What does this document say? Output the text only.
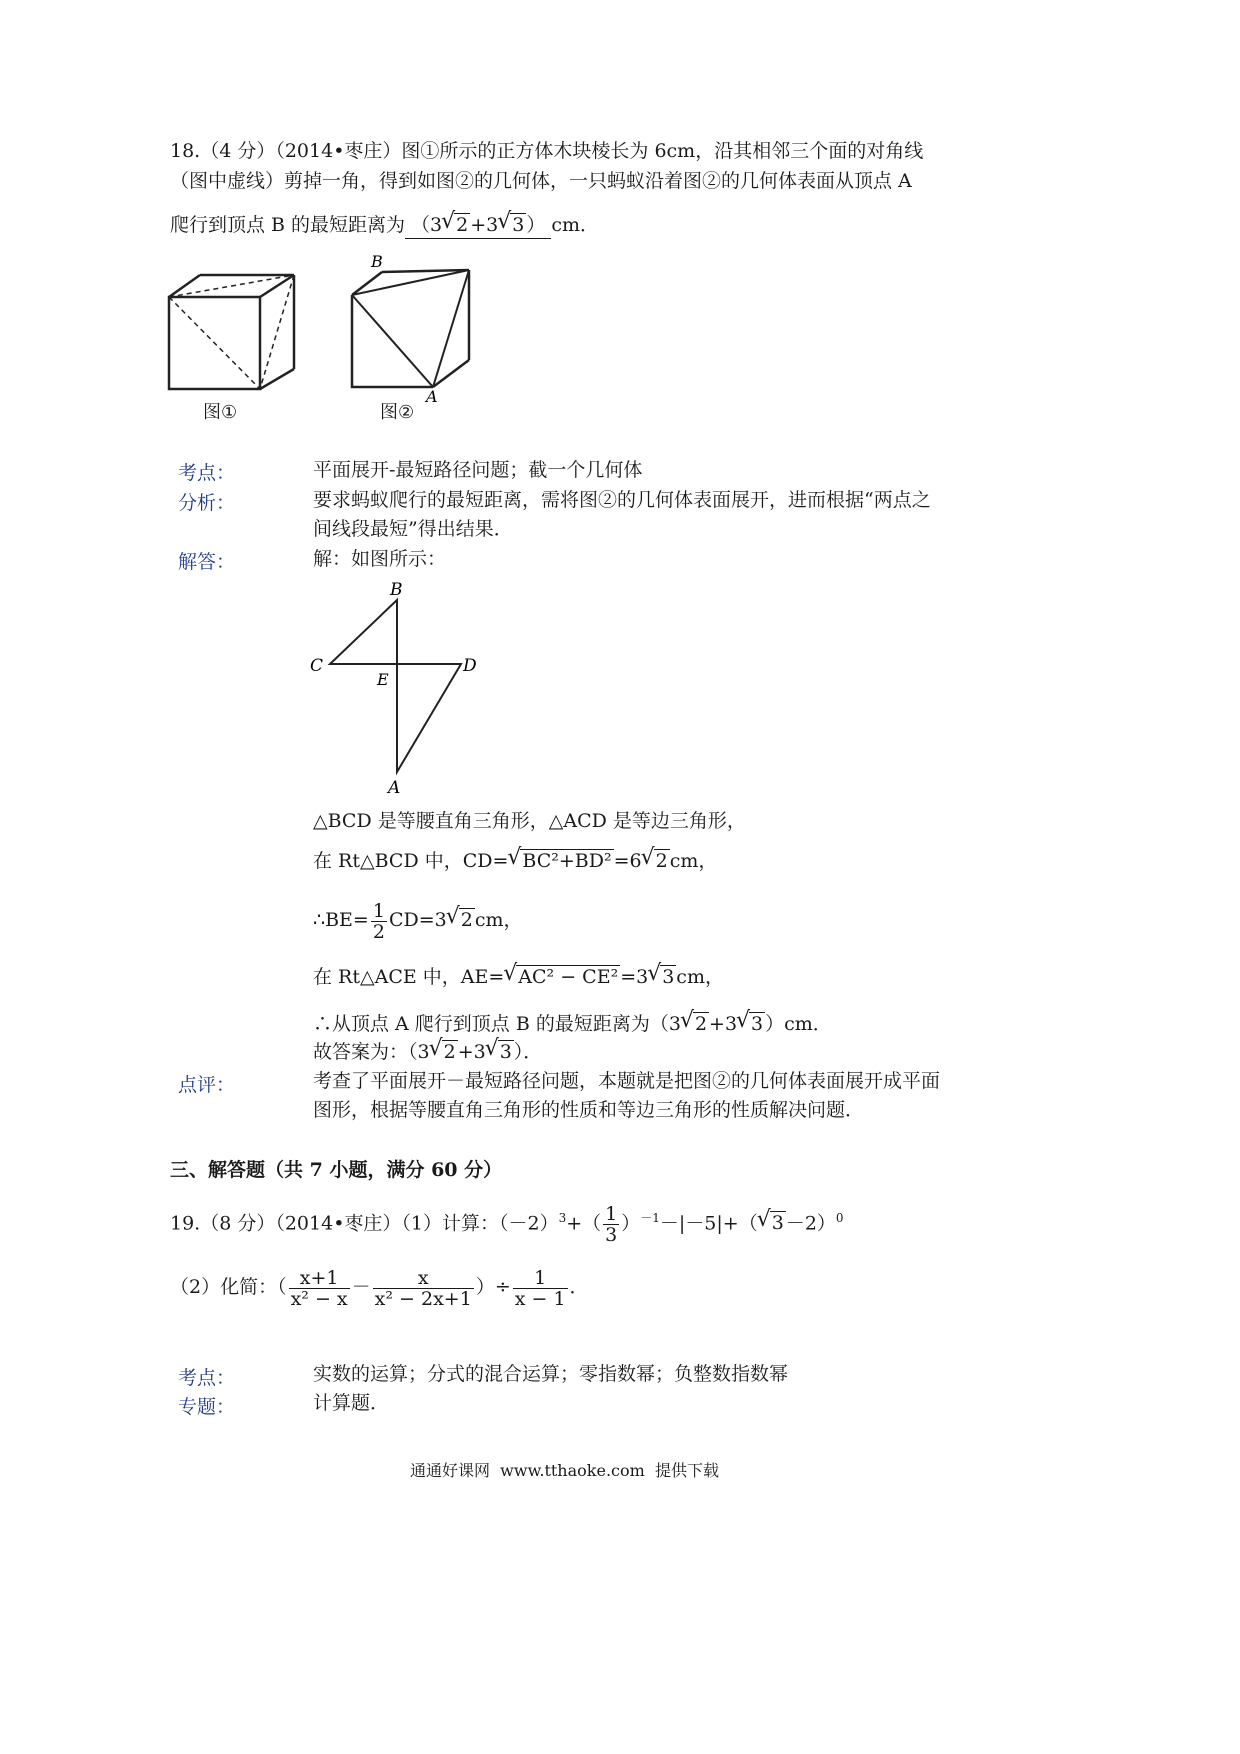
18.（4 分）（2014•枣庄）图①所示的正方体木块棱长为 6cm，沿其相邻三个面的对角线
（图中虚线）剪掉一角，得到如图②的几何体，一只蚂蚁沿着图②的几何体表面从顶点 A
爬行到顶点 B 的最短距离为 （3√ 2 +3√ 3 ） cm．
图①
B
A
图②
考点：	平面展开-最短路径问题；截一个几何体
分析：	要求蚂蚁爬行的最短距离，需将图②的几何体表面展开，进而根据“两点之
间线段最短”得出结果．
解答：	解：如图所示：
B
C	D
E
A
△BCD 是等腰直角三角形，△ACD 是等边三角形，
在 Rt△BCD 中，CD=√ BC²+BD² =6√ 2 cm，
∴BE= $\frac{1}{2} CD=3√$ 2 cm，
在 Rt△ACE 中，AE=√ AC² − CE² =3√ 3 cm，
∴从顶点 A 爬行到顶点 B 的最短距离为（3√ 2 +3√ 3 ）cm．
故答案为：（3√ 2 +3√ 3 ）．
点评：	考查了平面展开－最短路径问题，本题就是把图②的几何体表面展开成平面
图形，根据等腰直角三角形的性质和等边三角形的性质解决问题．
三、解答题（共 7 小题，满分 60 分）
19.（8 分）（2014•枣庄）（1）计算：$(-2)^3+( \frac{1}{3} )^{-1}-|-5|+(√$ 3 －2）$^0$
（2）化简：（ $\frac{x+1}{\text{x² − x}} - \frac{x}{\text{x² − 2x+1}}$ ）÷ $\frac{1}{x - 1}$ ．
考点：	实数的运算；分式的混合运算；零指数幂；负整数指数幂
专题：	计算题．
通通好课网  www.tthaoke.com  提供下载
